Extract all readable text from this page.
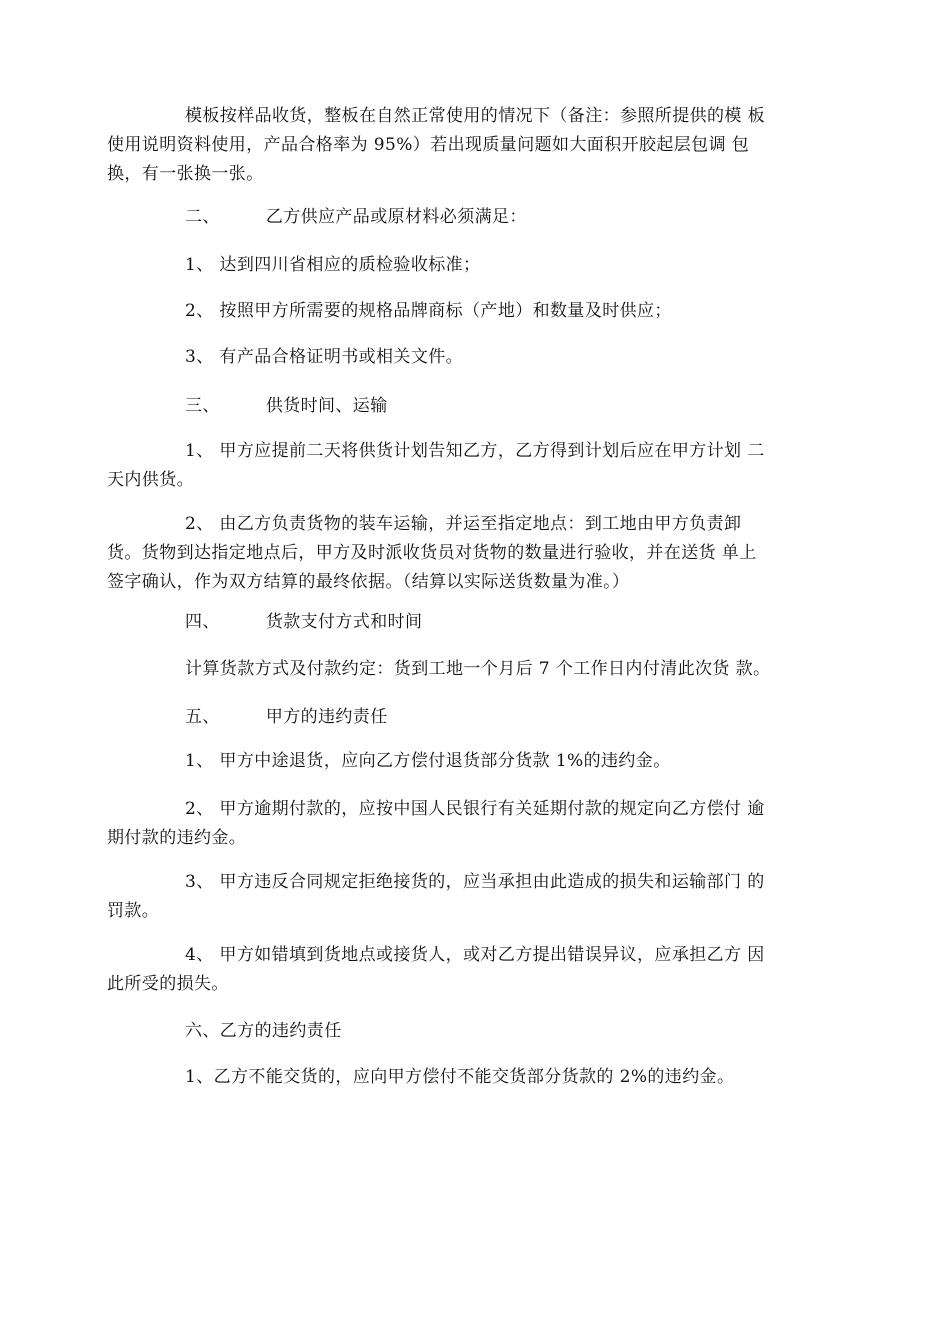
模板按样品收货，整板在自然正常使用的情况下（备注：参照所提供的模 板
使用说明资料使用，产品合格率为 95%）若出现质量问题如大面积开胶起层包调 包
换，有一张换一张。

二、	乙方供应产品或原材料必须满足：

1、 达到四川省相应的质检验收标准；

2、 按照甲方所需要的规格品牌商标（产地）和数量及时供应；

3、 有产品合格证明书或相关文件。

三、	供货时间、运输

1、 甲方应提前二天将供货计划告知乙方，乙方得到计划后应在甲方计划 二
天内供货。

2、 由乙方负责货物的装车运输，并运至指定地点：到工地由甲方负责卸
货。货物到达指定地点后，甲方及时派收货员对货物的数量进行验收，并在送货 单上
签字确认，作为双方结算的最终依据。（结算以实际送货数量为准。）

四、	货款支付方式和时间

计算货款方式及付款约定：货到工地一个月后 7 个工作日内付清此次货 款。

五、	甲方的违约责任

1、 甲方中途退货，应向乙方偿付退货部分货款 1%的违约金。

2、 甲方逾期付款的，应按中国人民银行有关延期付款的规定向乙方偿付 逾
期付款的违约金。

3、 甲方违反合同规定拒绝接货的，应当承担由此造成的损失和运输部门 的
罚款。

4、 甲方如错填到货地点或接货人，或对乙方提出错误异议，应承担乙方 因
此所受的损失。

六、乙方的违约责任

1、乙方不能交货的，应向甲方偿付不能交货部分货款的 2%的违约金。
